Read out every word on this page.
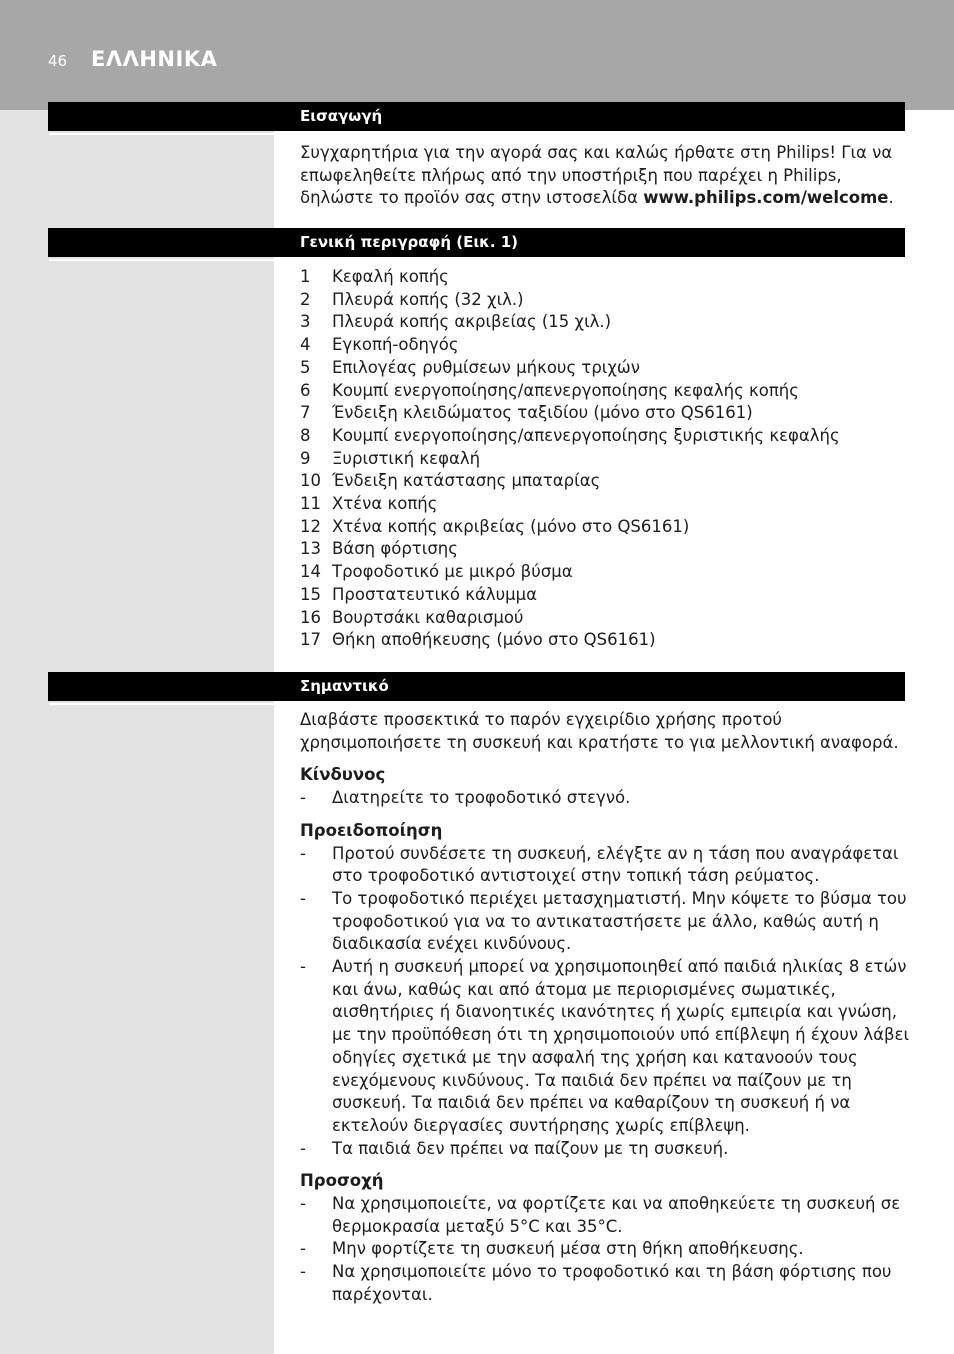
46 ΕΛΛΗΝΙΚΑ
Εισαγωγή

Συγχαρητήρια για την αγορά σας και καλώς ήρθατε στη Philips! Για να επωφεληθείτε πλήρως από την υποστήριξη που παρέχει η Philips, δηλώστε το προϊόν σας στην ιστοσελίδα www.philips.com/welcome.

Γενική περιγραφή (Εικ. 1)
1 Κεφαλή κοπής
2 Πλευρά κοπής (32 χιλ.)
3 Πλευρά κοπής ακριβείας (15 χιλ.)
4 Εγκοπή-οδηγός
5 Επιλογέας ρυθμίσεων μήκους τριχών
6 Κουμπί ενεργοποίησης/απενεργοποίησης κεφαλής κοπής
7 Ένδειξη κλειδώματος ταξιδίου (μόνο στο QS6161)
8 Κουμπί ενεργοποίησης/απενεργοποίησης ξυριστικής κεφαλής
9 Ξυριστική κεφαλή
10 Ένδειξη κατάστασης μπαταρίας
11 Χτένα κοπής
12 Χτένα κοπής ακριβείας (μόνο στο QS6161)
13 Βάση φόρτισης
14 Τροφοδοτικό με μικρό βύσμα
15 Προστατευτικό κάλυμμα
16 Βουρτσάκι καθαρισμού
17 Θήκη αποθήκευσης (μόνο στο QS6161)
Σημαντικό

Διαβάστε προσεκτικά το παρόν εγχειρίδιο χρήσης προτού χρησιμοποιήσετε τη συσκευή και κρατήστε το για μελλοντική αναφορά.

Κίνδυνος

- Διατηρείτε το τροφοδοτικό στεγνό.

Προειδοποίηση

- Προτού συνδέσετε τη συσκευή, ελέγξτε αν η τάση που αναγράφεται στο τροφοδοτικό αντιστοιχεί στην τοπική τάση ρεύματος.
- Το τροφοδοτικό περιέχει μετασχηματιστή. Μην κόψετε το βύσμα του τροφοδοτικού για να το αντικαταστήσετε με άλλο, καθώς αυτή η διαδικασία ενέχει κινδύνους.
- Αυτή η συσκευή μπορεί να χρησιμοποιηθεί από παιδιά ηλικίας 8 ετών και άνω, καθώς και από άτομα με περιορισμένες σωματικές, αισθητήριες ή διανοητικές ικανότητες ή χωρίς εμπειρία και γνώση, με την προϋπόθεση ότι τη χρησιμοποιούν υπό επίβλεψη ή έχουν λάβει οδηγίες σχετικά με την ασφαλή της χρήση και κατανοούν τους ενεχόμενους κινδύνους. Τα παιδιά δεν πρέπει να παίζουν με τη συσκευή. Τα παιδιά δεν πρέπει να καθαρίζουν τη συσκευή ή να εκτελούν διεργασίες συντήρησης χωρίς επίβλεψη.
- Τα παιδιά δεν πρέπει να παίζουν με τη συσκευή.

Προσοχή

- Να χρησιμοποιείτε, να φορτίζετε και να αποθηκεύετε τη συσκευή σε θερμοκρασία μεταξύ 5°C και 35°C.
- Μην φορτίζετε τη συσκευή μέσα στη θήκη αποθήκευσης.
- Να χρησιμοποιείτε μόνο το τροφοδοτικό και τη βάση φόρτισης που παρέχονται.
